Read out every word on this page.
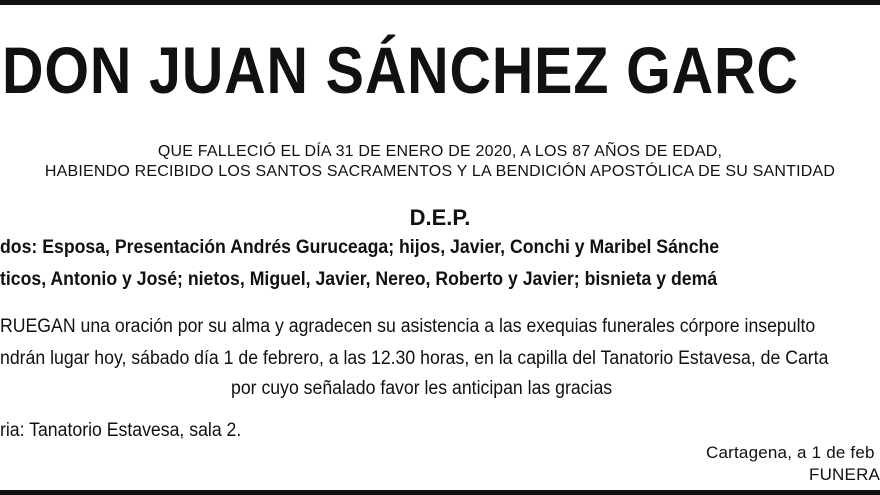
DON JUAN SÁNCHEZ GARC

QUE FALLECIÓ EL DÍA 31 DE ENERO DE 2020, A LOS 87 AÑOS DE EDAD,

HABIENDO RECIBIDO LOS SANTOS SACRAMENTOS Y LA BENDICIÓN APOSTÓLICA DE SU SANTIDAD

D.E.P.

dos: Esposa, Presentación Andrés Guruceaga; hijos, Javier, Conchi y Maribel Sánche

ticos, Antonio y José; nietos, Miguel, Javier, Nereo, Roberto y Javier; bisnieta y demá

RUEGAN una oración por su alma y agradecen su asistencia a las exequias funerales córpore insepulto

ndrán lugar hoy, sábado día 1 de febrero, a las 12.30 horas, en la capilla del Tanatorio Estavesa, de Carta

por cuyo señalado favor les anticipan las gracias

ria: Tanatorio Estavesa, sala 2.

Cartagena, a 1 de feb

FUNERA
